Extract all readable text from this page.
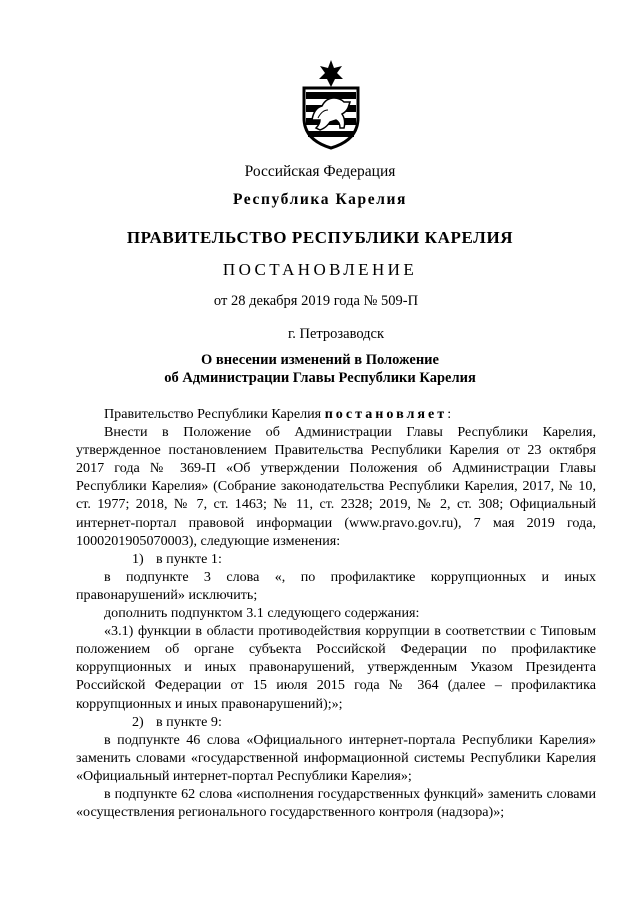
Российская Федерация
Республика Карелия
ПРАВИТЕЛЬСТВО РЕСПУБЛИКИ КАРЕЛИЯ
ПОСТАНОВЛЕНИЕ
от 28 декабря 2019 года № 509-П
г. Петрозаводск
О внесении изменений в Положение
об Администрации Главы Республики Карелия

Правительство Республики Карелия постановляет:

Внести в Положение об Администрации Главы Республики Карелия,

утвержденное постановлением Правительства Республики Карелия от 23 октября 2017 года № 369-П «Об утверждении Положения об Администрации Главы Республики Карелия» (Собрание законодательства Республики Карелия, 2017, № 10, ст. 1977; 2018, № 7, ст. 1463; № 11, ст. 2328; 2019, № 2, ст. 308; Официальный интернет-портал правовой информации (www.pravo.gov.ru), 7 мая 2019 года, 1000201905070003), следующие изменения:

1) в пункте 1:

в подпункте 3 слова «, по профилактике коррупционных и иных правонарушений» исключить;

дополнить подпунктом 3.1 следующего содержания:

«3.1) функции в области противодействия коррупции в соответствии с Типовым положением об органе субъекта Российской Федерации по профилактике коррупционных и иных правонарушений, утвержденным Указом Президента Российской Федерации от 15 июля 2015 года № 364 (далее – профилактика коррупционных и иных правонарушений);»;

2) в пункте 9:

в подпункте 46 слова «Официального интернет-портала Республики Карелия» заменить словами «государственной информационной системы Республики Карелия «Официальный интернет-портал Республики Карелия»;

в подпункте 62 слова «исполнения государственных функций» заменить словами «осуществления регионального государственного контроля (надзора)»;
